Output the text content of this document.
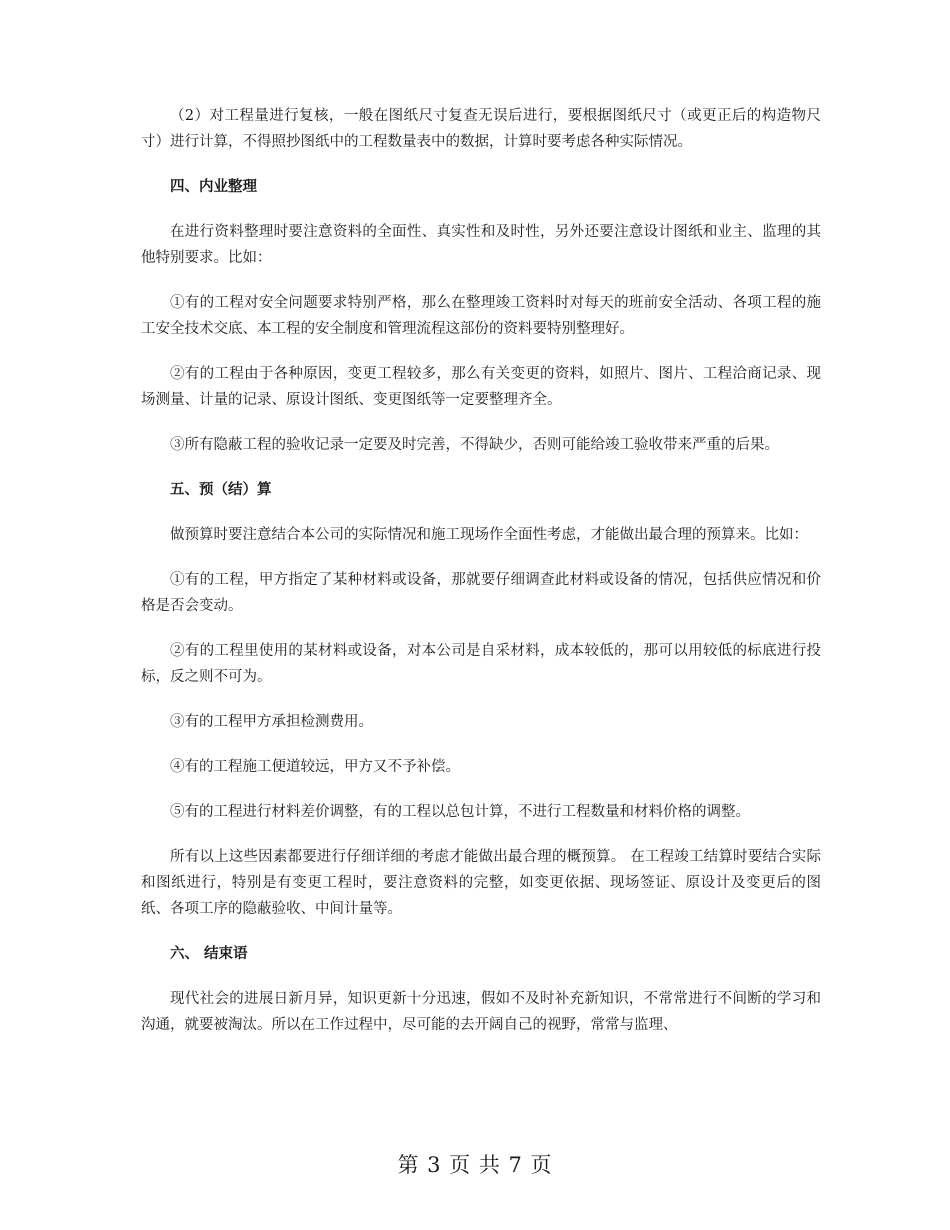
（2）对工程量进行复核，一般在图纸尺寸复查无误后进行，要根据图纸尺寸（或更正后的构造物尺寸）进行计算，不得照抄图纸中的工程数量表中的数据，计算时要考虑各种实际情况。

四、内业整理

在进行资料整理时要注意资料的全面性、真实性和及时性，另外还要注意设计图纸和业主、监理的其他特别要求。比如：

①有的工程对安全问题要求特别严格，那么在整理竣工资料时对每天的班前安全活动、各项工程的施工安全技术交底、本工程的安全制度和管理流程这部份的资料要特别整理好。

②有的工程由于各种原因，变更工程较多，那么有关变更的资料，如照片、图片、工程洽商记录、现场测量、计量的记录、原设计图纸、变更图纸等一定要整理齐全。

③所有隐蔽工程的验收记录一定要及时完善，不得缺少，否则可能给竣工验收带来严重的后果。

五、预（结）算

做预算时要注意结合本公司的实际情况和施工现场作全面性考虑，才能做出最合理的预算来。比如：

①有的工程，甲方指定了某种材料或设备，那就要仔细调查此材料或设备的情况，包括供应情况和价格是否会变动。

②有的工程里使用的某材料或设备，对本公司是自采材料，成本较低的，那可以用较低的标底进行投标，反之则不可为。

③有的工程甲方承担检测费用。

④有的工程施工便道较远，甲方又不予补偿。

⑤有的工程进行材料差价调整，有的工程以总包计算，不进行工程数量和材料价格的调整。

所有以上这些因素都要进行仔细详细的考虑才能做出最合理的概预算。 在工程竣工结算时要结合实际和图纸进行，特别是有变更工程时，要注意资料的完整，如变更依据、现场签证、原设计及变更后的图纸、各项工序的隐蔽验收、中间计量等。

六、 结束语

现代社会的进展日新月异，知识更新十分迅速，假如不及时补充新知识，不常常进行不间断的学习和沟通，就要被淘汰。所以在工作过程中，尽可能的去开阔自己的视野，常常与监理、

第 3 页 共 7 页
